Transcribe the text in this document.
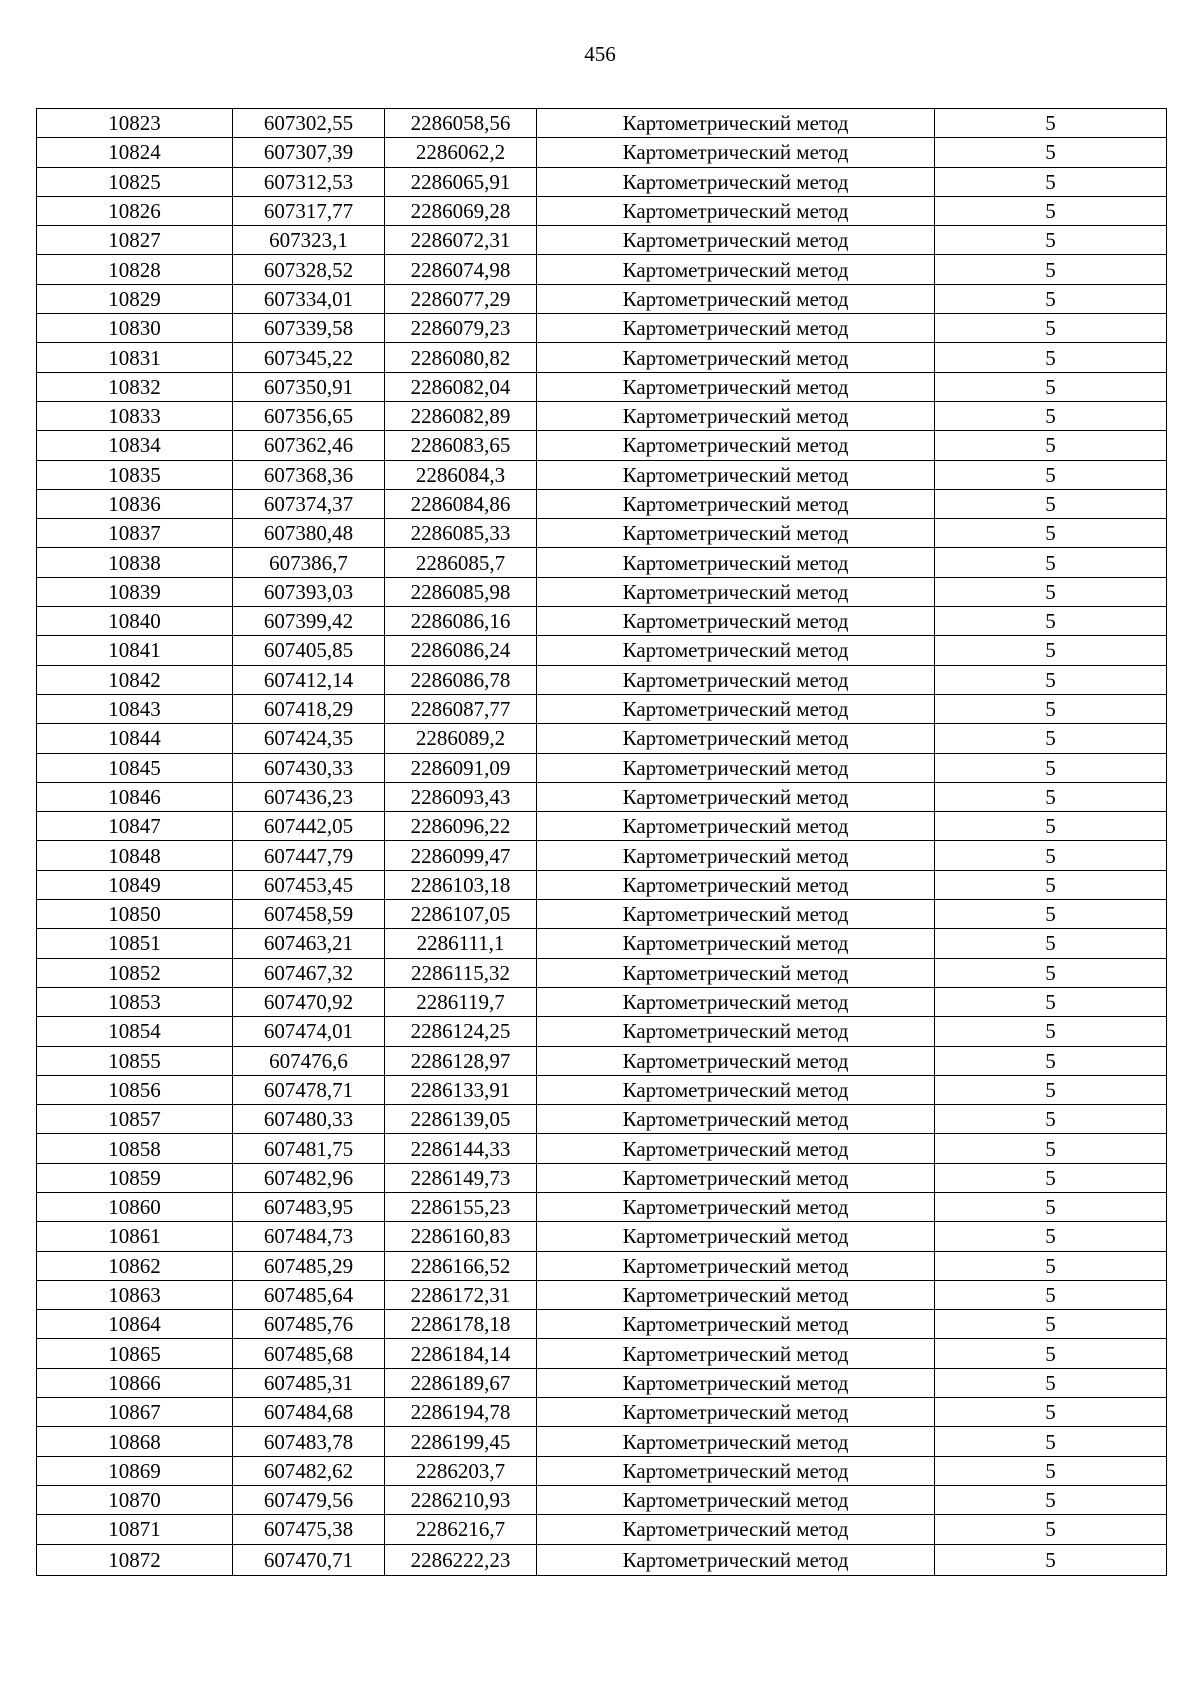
456
10823	607302,55	2286058,56	Картометрический метод	5
10824	607307,39	2286062,2	Картометрический метод	5
10825	607312,53	2286065,91	Картометрический метод	5
10826	607317,77	2286069,28	Картометрический метод	5
10827	607323,1	2286072,31	Картометрический метод	5
10828	607328,52	2286074,98	Картометрический метод	5
10829	607334,01	2286077,29	Картометрический метод	5
10830	607339,58	2286079,23	Картометрический метод	5
10831	607345,22	2286080,82	Картометрический метод	5
10832	607350,91	2286082,04	Картометрический метод	5
10833	607356,65	2286082,89	Картометрический метод	5
10834	607362,46	2286083,65	Картометрический метод	5
10835	607368,36	2286084,3	Картометрический метод	5
10836	607374,37	2286084,86	Картометрический метод	5
10837	607380,48	2286085,33	Картометрический метод	5
10838	607386,7	2286085,7	Картометрический метод	5
10839	607393,03	2286085,98	Картометрический метод	5
10840	607399,42	2286086,16	Картометрический метод	5
10841	607405,85	2286086,24	Картометрический метод	5
10842	607412,14	2286086,78	Картометрический метод	5
10843	607418,29	2286087,77	Картометрический метод	5
10844	607424,35	2286089,2	Картометрический метод	5
10845	607430,33	2286091,09	Картометрический метод	5
10846	607436,23	2286093,43	Картометрический метод	5
10847	607442,05	2286096,22	Картометрический метод	5
10848	607447,79	2286099,47	Картометрический метод	5
10849	607453,45	2286103,18	Картометрический метод	5
10850	607458,59	2286107,05	Картометрический метод	5
10851	607463,21	2286111,1	Картометрический метод	5
10852	607467,32	2286115,32	Картометрический метод	5
10853	607470,92	2286119,7	Картометрический метод	5
10854	607474,01	2286124,25	Картометрический метод	5
10855	607476,6	2286128,97	Картометрический метод	5
10856	607478,71	2286133,91	Картометрический метод	5
10857	607480,33	2286139,05	Картометрический метод	5
10858	607481,75	2286144,33	Картометрический метод	5
10859	607482,96	2286149,73	Картометрический метод	5
10860	607483,95	2286155,23	Картометрический метод	5
10861	607484,73	2286160,83	Картометрический метод	5
10862	607485,29	2286166,52	Картометрический метод	5
10863	607485,64	2286172,31	Картометрический метод	5
10864	607485,76	2286178,18	Картометрический метод	5
10865	607485,68	2286184,14	Картометрический метод	5
10866	607485,31	2286189,67	Картометрический метод	5
10867	607484,68	2286194,78	Картометрический метод	5
10868	607483,78	2286199,45	Картометрический метод	5
10869	607482,62	2286203,7	Картометрический метод	5
10870	607479,56	2286210,93	Картометрический метод	5
10871	607475,38	2286216,7	Картометрический метод	5
10872	607470,71	2286222,23	Картометрический метод	5
